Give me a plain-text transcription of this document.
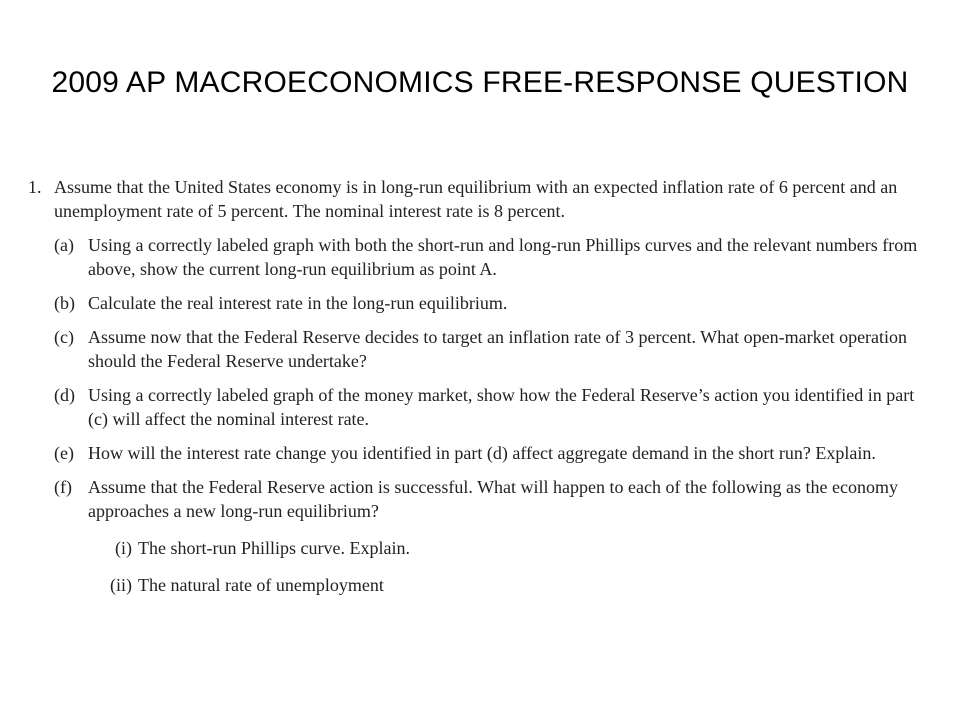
2009 AP MACROECONOMICS FREE-RESPONSE QUESTION
1. Assume that the United States economy is in long-run equilibrium with an expected inflation rate of 6 percent and an unemployment rate of 5 percent. The nominal interest rate is 8 percent.
(a) Using a correctly labeled graph with both the short-run and long-run Phillips curves and the relevant numbers from above, show the current long-run equilibrium as point A.
(b) Calculate the real interest rate in the long-run equilibrium.
(c) Assume now that the Federal Reserve decides to target an inflation rate of 3 percent. What open-market operation should the Federal Reserve undertake?
(d) Using a correctly labeled graph of the money market, show how the Federal Reserve’s action you identified in part (c) will affect the nominal interest rate.
(e) How will the interest rate change you identified in part (d) affect aggregate demand in the short run? Explain.
(f) Assume that the Federal Reserve action is successful. What will happen to each of the following as the economy approaches a new long-run equilibrium?
(i) The short-run Phillips curve. Explain.
(ii) The natural rate of unemployment
